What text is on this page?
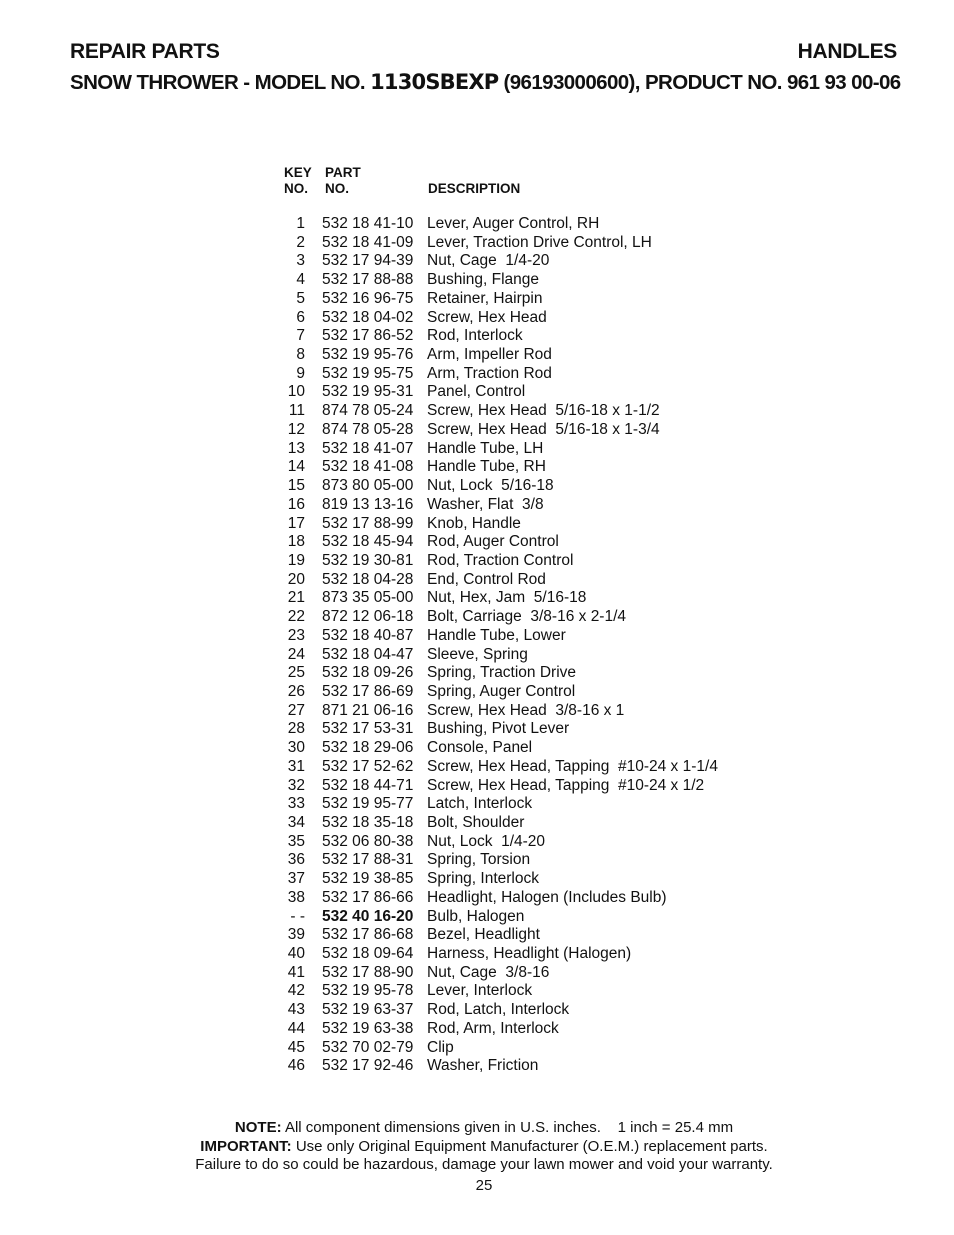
REPAIR PARTS	HANDLES
SNOW THROWER - MODEL NO. 1130SBEXP (96193000600), PRODUCT NO. 961 93 00-06
KEY
NO.
PART
NO.	DESCRIPTION
1 532 18 41-10 Lever, Auger Control, RH
2 532 18 41-09 Lever, Traction Drive Control, LH
3 532 17 94-39 Nut, Cage  1/4-20
4 532 17 88-88 Bushing, Flange
5 532 16 96-75 Retainer, Hairpin
6 532 18 04-02 Screw, Hex Head
7 532 17 86-52 Rod, Interlock
8 532 19 95-76 Arm, Impeller Rod
9 532 19 95-75 Arm, Traction Rod
10 532 19 95-31 Panel, Control
11 874 78 05-24 Screw, Hex Head  5/16-18 x 1-1/2
12 874 78 05-28 Screw, Hex Head  5/16-18 x 1-3/4
13 532 18 41-07 Handle Tube, LH
14 532 18 41-08 Handle Tube, RH
15 873 80 05-00 Nut, Lock  5/16-18
16 819 13 13-16 Washer, Flat  3/8
17 532 17 88-99 Knob, Handle
18 532 18 45-94 Rod, Auger Control
19 532 19 30-81 Rod, Traction Control
20 532 18 04-28 End, Control Rod
21 873 35 05-00 Nut, Hex, Jam  5/16-18
22 872 12 06-18 Bolt, Carriage  3/8-16 x 2-1/4
23 532 18 40-87 Handle Tube, Lower
24 532 18 04-47 Sleeve, Spring
25 532 18 09-26 Spring, Traction Drive
26 532 17 86-69 Spring, Auger Control
27 871 21 06-16 Screw, Hex Head  3/8-16 x 1
28 532 17 53-31 Bushing, Pivot Lever
30 532 18 29-06 Console, Panel
31 532 17 52-62 Screw, Hex Head, Tapping  #10-24 x 1-1/4
32 532 18 44-71 Screw, Hex Head, Tapping  #10-24 x 1/2
33 532 19 95-77 Latch, Interlock
34 532 18 35-18 Bolt, Shoulder
35 532 06 80-38 Nut, Lock  1/4-20
36 532 17 88-31 Spring, Torsion
37 532 19 38-85 Spring, Interlock
38 532 17 86-66 Headlight, Halogen (Includes Bulb)
- - 532 40 16-20 Bulb, Halogen
39 532 17 86-68 Bezel, Headlight
40 532 18 09-64 Harness, Headlight (Halogen)
41 532 17 88-90 Nut, Cage  3/8-16
42 532 19 95-78 Lever, Interlock
43 532 19 63-37 Rod, Latch, Interlock
44 532 19 63-38 Rod, Arm, Interlock
45 532 70 02-79 Clip
46 532 17 92-46 Washer, Friction
NOTE: All component dimensions given in U.S. inches.    1 inch = 25.4 mm
IMPORTANT: Use only Original Equipment Manufacturer (O.E.M.) replacement parts.
Failure to do so could be hazardous, damage your lawn mower and void your warranty.
25
